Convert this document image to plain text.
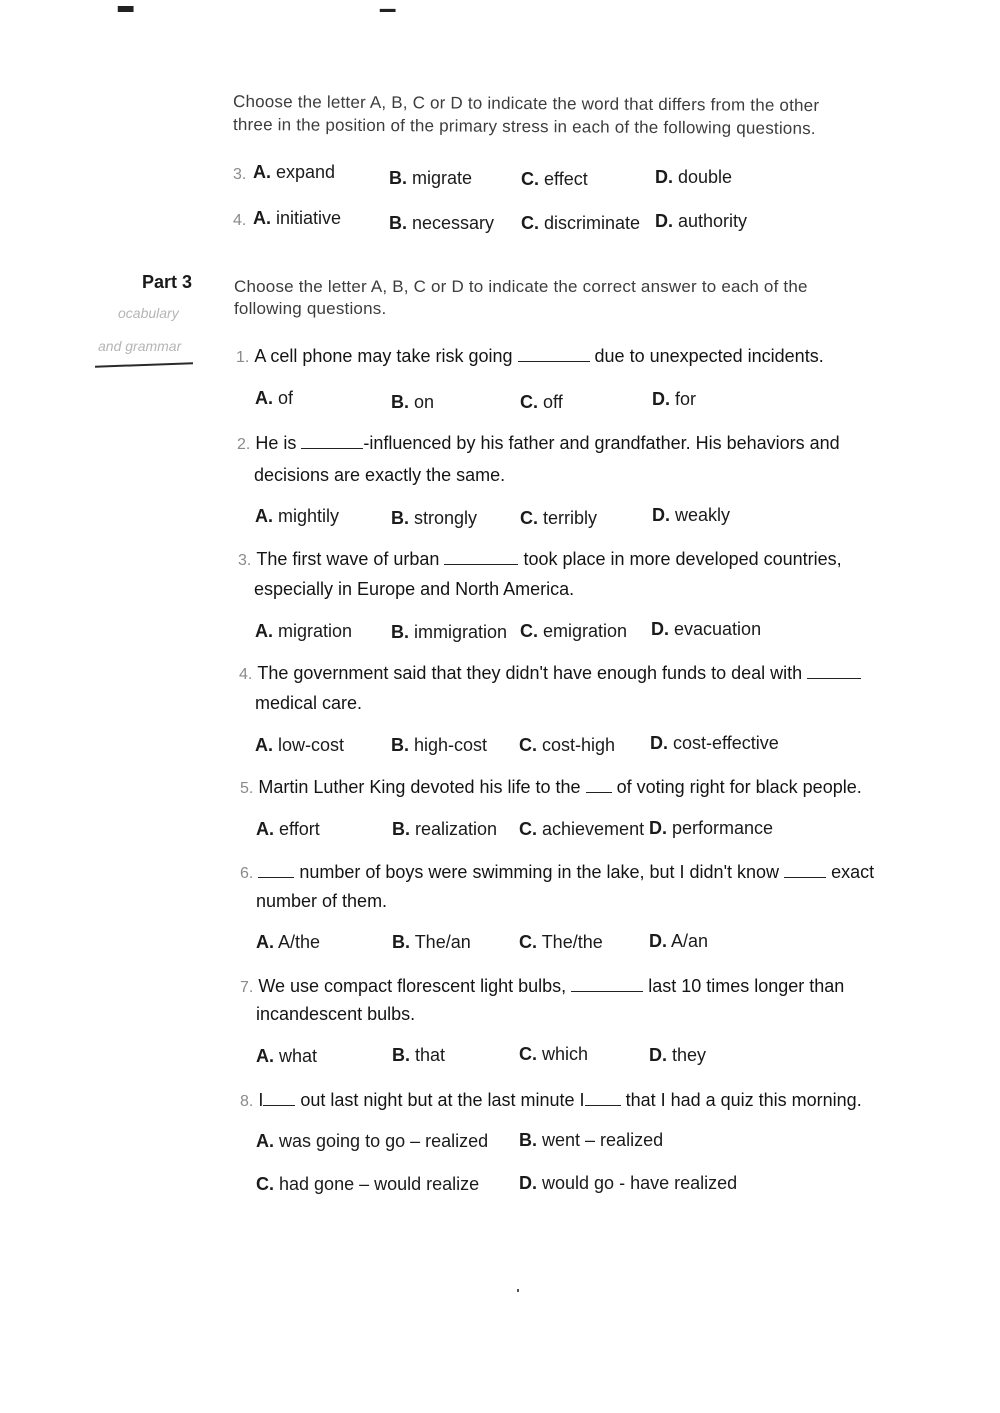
▂	▁
Choose the letter A, B, C or D to indicate the word that differs from the other
three in the position of the primary stress in each of the following questions.
3. A. expand	B. migrate	C. effect	D. double
4. A. initiative	B. necessary C. discriminate D. authority
Part 3
ocabulary
and grammar
Choose the letter A, B, C or D to indicate the correct answer to each of the
following questions.
1. A cell phone may take risk going	due to unexpected incidents.
A. of	B. on	C. off	D. for
2. He is	-influenced by his father and grandfather. His behaviors and
decisions are exactly the same.
A. mightily	B. strongly C. terribly	D. weakly
3. The first wave of urban	took place in more developed countries,
especially in Europe and North America.
A. migration B. immigration C. emigration D. evacuation
4. The government said that they didn't have enough funds to deal with
medical care.
A. low-cost	B. high-cost C. cost-high D. cost-effective
5. Martin Luther King devoted his life to the of voting right for black people.
A. effort	B. realization C. achievement D. performance
6.	number of boys were swimming in the lake, but I didn't know	exact
number of them.
A. A/the	B. The/an	C. The/the	D. A/an
7. We use compact florescent light bulbs,	last 10 times longer than
incandescent bulbs.
A. what	B. that	C. which	D. they
8. I out last night but at the last minute I that I had a quiz this morning.
A. was going to go – realized B. went – realized
C. had gone – would realize D. would go - have realized
